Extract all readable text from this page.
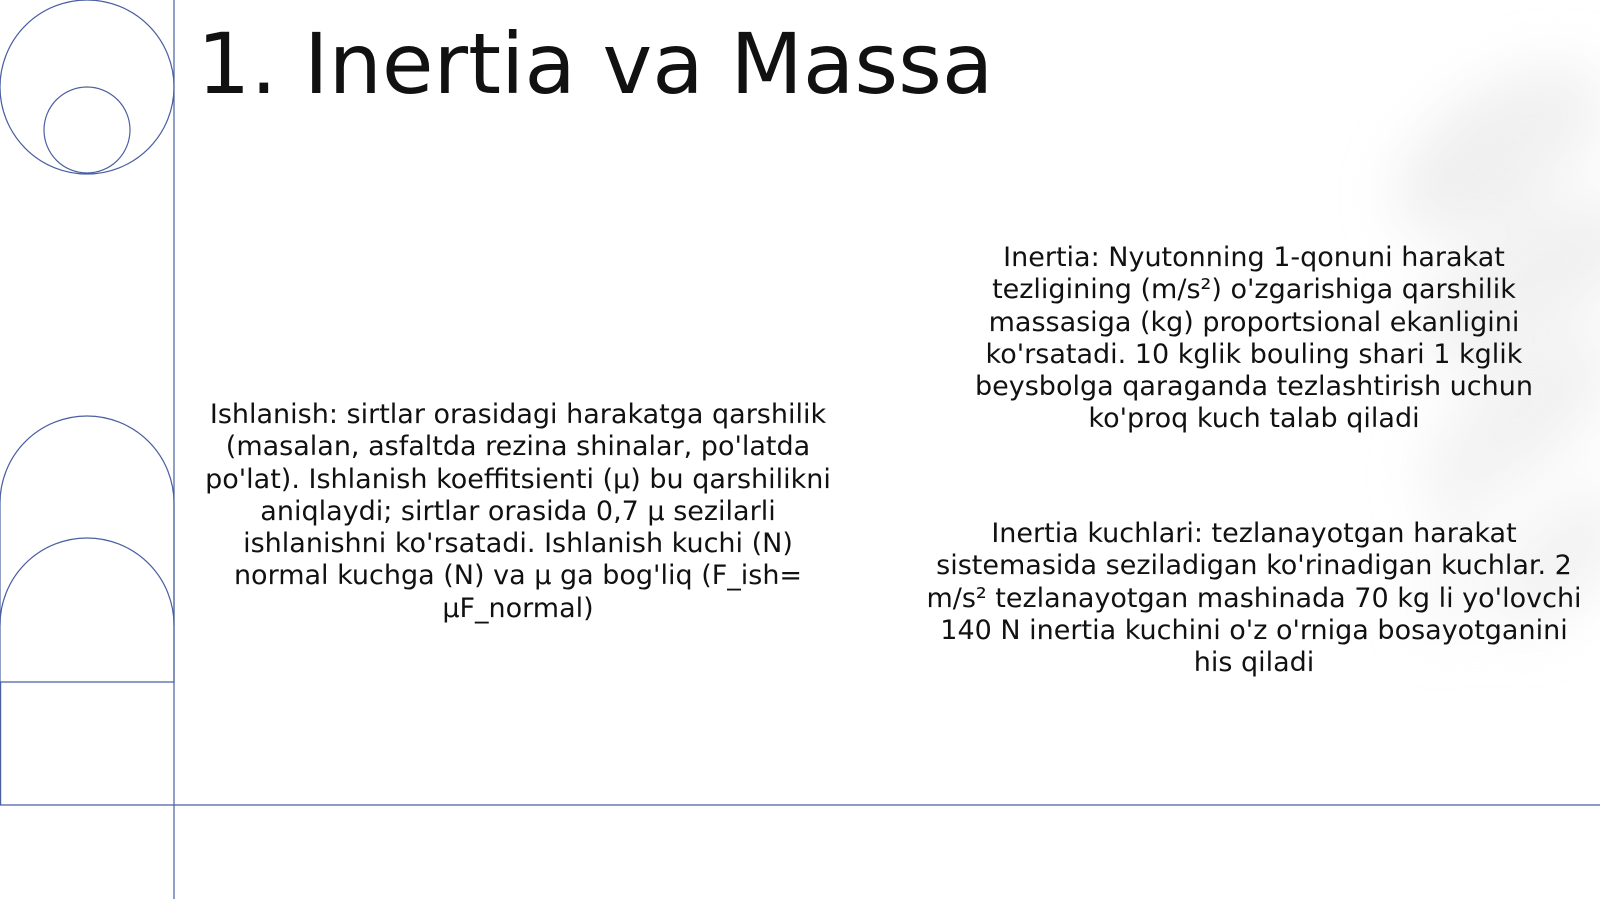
1. Inertia va Massa

Ishlanish: sirtlar orasidagi harakatga qarshilik (masalan, asfaltda rezina shinalar, po'latda po'lat). Ishlanish koeffitsienti (μ) bu qarshilikni aniqlaydi; sirtlar orasida 0,7 μ sezilarli ishlanishni ko'rsatadi. Ishlanish kuchi (N) normal kuchga (N) va μ ga bog'liq (F_ish= μF_normal)

Inertia: Nyutonning 1-qonuni harakat tezligining (m/s²) o'zgarishiga qarshilik massasiga (kg) proportsional ekanligini ko'rsatadi. 10 kglik bouling shari 1 kglik beysbolga qaraganda tezlashtirish uchun ko'proq kuch talab qiladi

Inertia kuchlari: tezlanayotgan harakat sistemasida seziladigan ko'rinadigan kuchlar. 2 m/s² tezlanayotgan mashinada 70 kg li yo'lovchi 140 N inertia kuchini o'z o'rniga bosayotganini his qiladi
